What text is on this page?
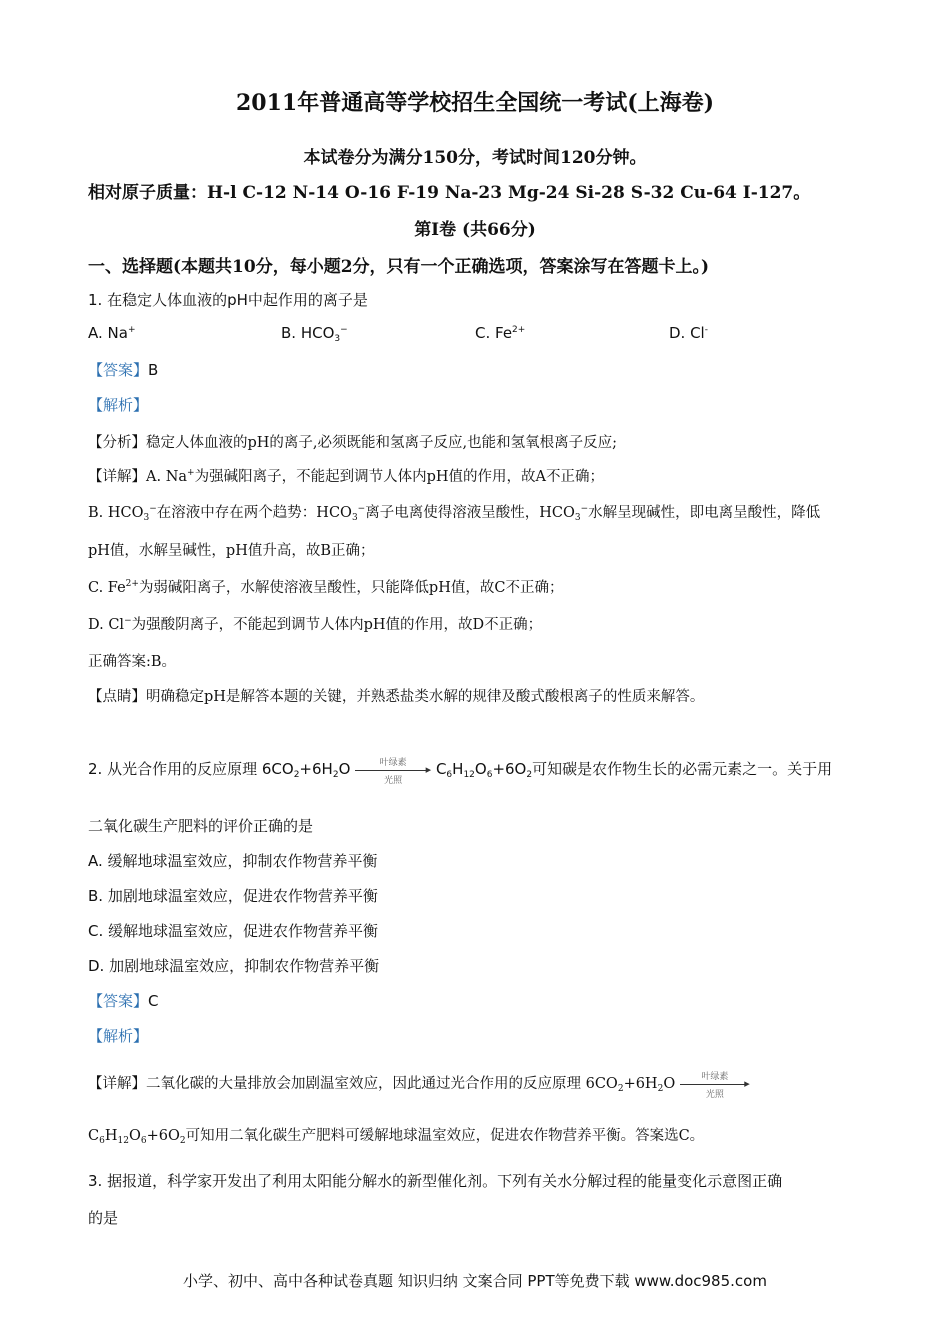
2011年普通高等学校招生全国统一考试(上海卷)
本试卷分为满分150分，考试时间120分钟。
相对原子质量：H-l C-12 N-14 O-16 F-19 Na-23 Mg-24 Si-28 S-32 Cu-64 I-127。
第Ⅰ卷 (共66分)
一、选择题(本题共10分，每小题2分，只有一个正确选项，答案涂写在答题卡上。)
1. 在稳定人体血液的pH中起作用的离子是
A. Na+	B. $HCO_3^-$	C. $Fe^{2+}$	D. Cl-
【答案】B
【解析】
【分析】稳定人体血液的pH的离子,必须既能和氢离子反应,也能和氢氧根离子反应;
【详解】A. Na+为强碱阳离子，不能起到调节人体内pH值的作用，故A不正确；
B. $HCO_3^-$在溶液中存在两个趋势：$HCO_3^-$离子电离使得溶液呈酸性，$HCO_3^-$水解呈现碱性，即电离呈酸性，降低
pH值，水解呈碱性，pH值升高，故B正确；
C. $Fe^{2+}$为弱碱阳离子，水解使溶液呈酸性，只能降低pH值，故C不正确；
D. Cl−为强酸阴离子，不能起到调节人体内pH值的作用，故D不正确；
正确答案:B。
【点睛】明确稳定pH是解答本题的关键，并熟悉盐类水解的规律及酸式酸根离子的性质来解答。
2. 从光合作用的反应原理 $6CO_2+6H_2O$	叶绿素	▸
光照
$C_6H_{12}O_6+6O_2$可知碳是农作物生长的必需元素之一。关于用
二氧化碳生产肥料的评价正确的是
A. 缓解地球温室效应，抑制农作物营养平衡
B. 加剧地球温室效应，促进农作物营养平衡
C. 缓解地球温室效应，促进农作物营养平衡
D. 加剧地球温室效应，抑制农作物营养平衡
【答案】C
【解析】
【详解】二氧化碳的大量排放会加剧温室效应，因此通过光合作用的反应原理 $6CO_2+6H_2O$	叶绿素	▸
光照
$C_6H_{12}O_6+6O_2$可知用二氧化碳生产肥料可缓解地球温室效应，促进农作物营养平衡。答案选C。
3. 据报道，科学家开发出了利用太阳能分解水的新型催化剂。下列有关水分解过程的能量变化示意图正确
的是
小学、初中、高中各种试卷真题 知识归纳 文案合同 PPT等免费下载 www.doc985.com
